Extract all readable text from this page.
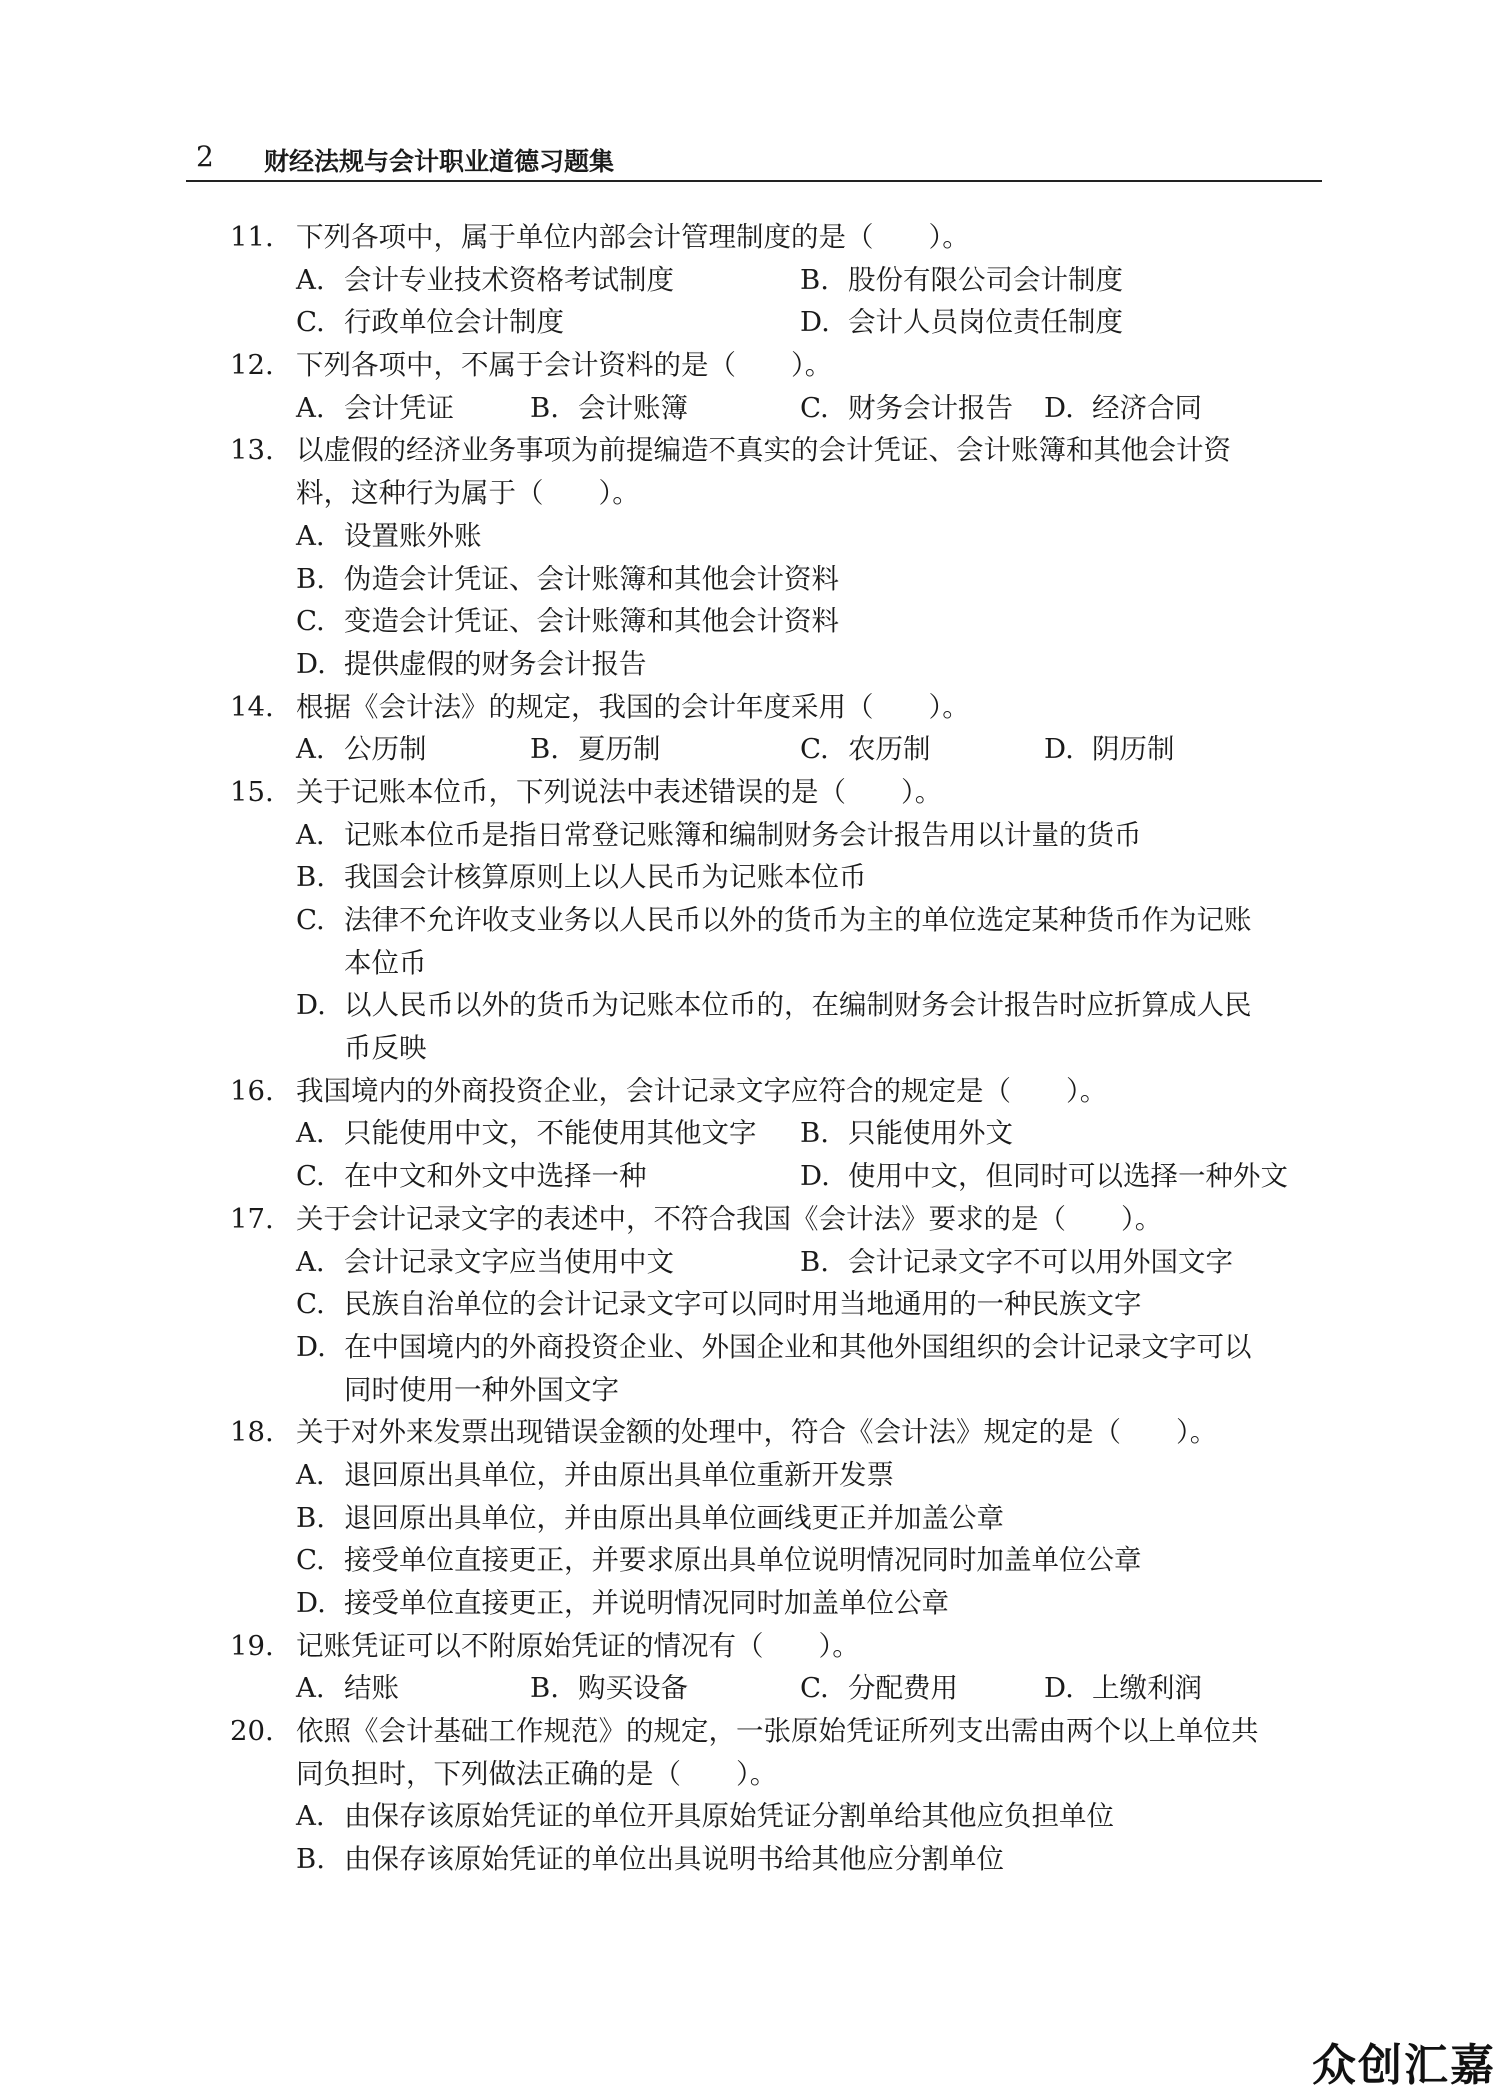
2 财经法规与会计职业道德习题集
11. 下列各项中，属于单位内部会计管理制度的是（　　）。
A. 会计专业技术资格考试制度	B. 股份有限公司会计制度
C. 行政单位会计制度	D. 会计人员岗位责任制度
12. 下列各项中，不属于会计资料的是（　　）。
A. 会计凭证	B. 会计账簿	C. 财务会计报告 D. 经济合同
13. 以虚假的经济业务事项为前提编造不真实的会计凭证、会计账簿和其他会计资
料，这种行为属于（　　）。
A. 设置账外账
B. 伪造会计凭证、会计账簿和其他会计资料
C. 变造会计凭证、会计账簿和其他会计资料
D. 提供虚假的财务会计报告
14. 根据《会计法》的规定，我国的会计年度采用（　　）。
A. 公历制	B. 夏历制	C. 农历制	D. 阴历制
15. 关于记账本位币，下列说法中表述错误的是（　　）。
A. 记账本位币是指日常登记账簿和编制财务会计报告用以计量的货币
B. 我国会计核算原则上以人民币为记账本位币
C. 法律不允许收支业务以人民币以外的货币为主的单位选定某种货币作为记账
本位币
D. 以人民币以外的货币为记账本位币的，在编制财务会计报告时应折算成人民
币反映
16. 我国境内的外商投资企业，会计记录文字应符合的规定是（　　）。
A. 只能使用中文，不能使用其他文字 B. 只能使用外文
C. 在中文和外文中选择一种	D. 使用中文，但同时可以选择一种外文
17. 关于会计记录文字的表述中，不符合我国《会计法》要求的是（　　）。
A. 会计记录文字应当使用中文	B. 会计记录文字不可以用外国文字
C. 民族自治单位的会计记录文字可以同时用当地通用的一种民族文字
D. 在中国境内的外商投资企业、外国企业和其他外国组织的会计记录文字可以
同时使用一种外国文字
18. 关于对外来发票出现错误金额的处理中，符合《会计法》规定的是（　　）。
A. 退回原出具单位，并由原出具单位重新开发票
B. 退回原出具单位，并由原出具单位画线更正并加盖公章
C. 接受单位直接更正，并要求原出具单位说明情况同时加盖单位公章
D. 接受单位直接更正，并说明情况同时加盖单位公章
19. 记账凭证可以不附原始凭证的情况有（　　）。
A. 结账	B. 购买设备	C. 分配费用	D. 上缴利润
20. 依照《会计基础工作规范》的规定，一张原始凭证所列支出需由两个以上单位共
同负担时，下列做法正确的是（　　）。
A. 由保存该原始凭证的单位开具原始凭证分割单给其他应负担单位
B. 由保存该原始凭证的单位出具说明书给其他应分割单位
众创汇嘉
